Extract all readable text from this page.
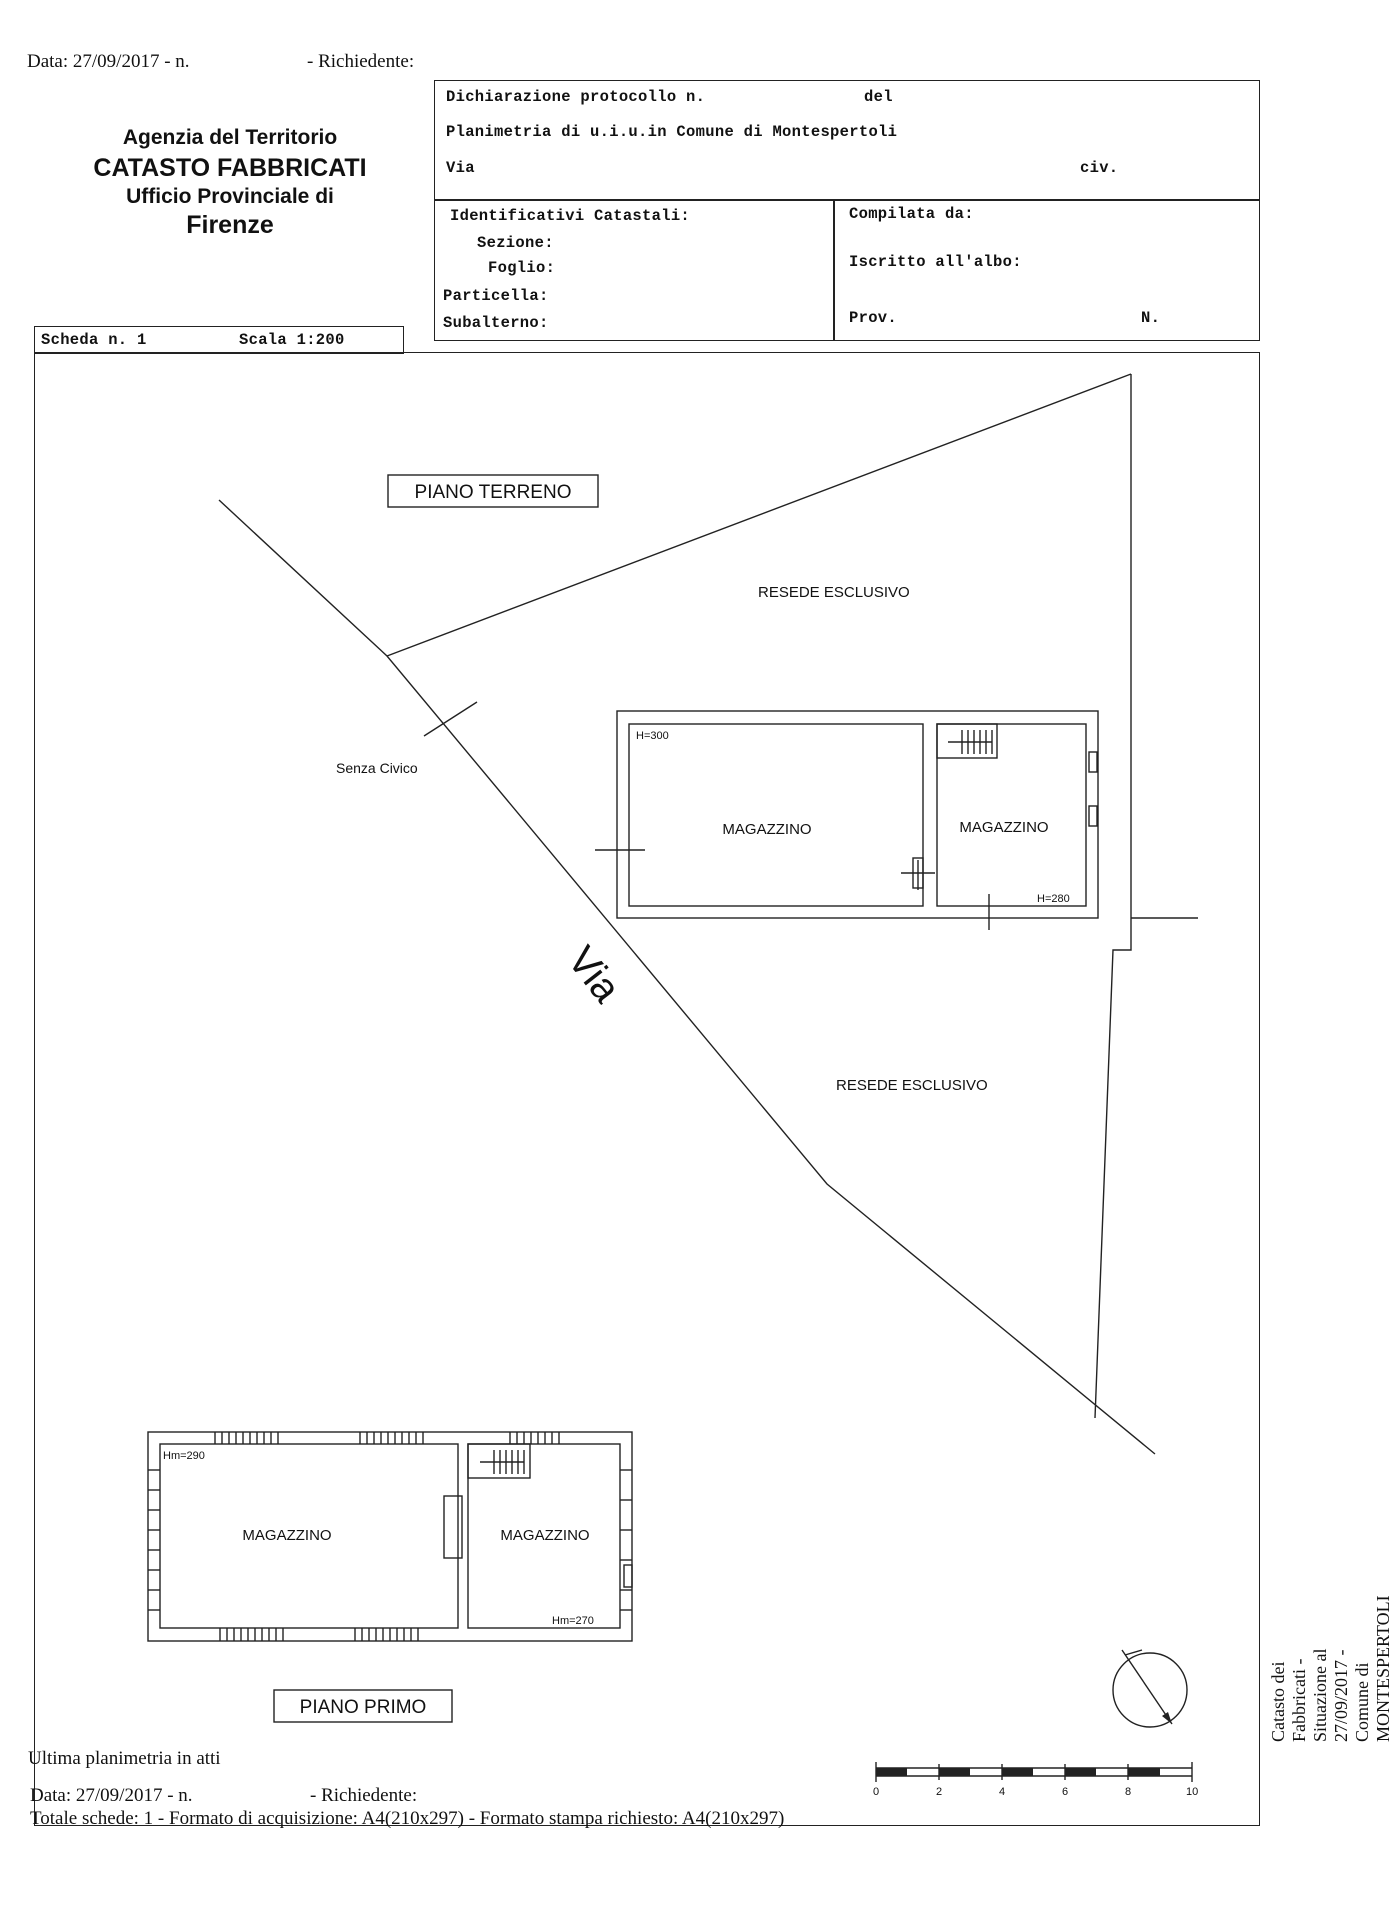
Data: 27/09/2017 - n.	- Richiedente:
Agenzia del Territorio
CATASTO FABBRICATI
Ufficio Provinciale di
Firenze
Dichiarazione protocollo n.	del
Planimetria di u.i.u.in Comune di Montespertoli
Via	civ.
Identificativi Catastali:
Sezione:
Foglio:
Particella:
Subalterno:
Compilata da:
Iscritto all'albo:
Prov.	N.
Scheda n. 1	Scala 1:200
PIANO TERRENO
RESEDE ESCLUSIVO
RESEDE ESCLUSIVO
Senza Civico
Via
MAGAZZINO	MAGAZZINO
H=300
H=280
MAGAZZINO	MAGAZZINO
Hm=290
Hm=270
PIANO PRIMO
0	2	4	6	8	10
Catasto dei Fabbricati - Situazione al 27/09/2017 - Comune di MONTESPERTOLI
Ultima planimetria in atti
Data: 27/09/2017 - n.	- Richiedente:
Totale schede: 1 - Formato di acquisizione: A4(210x297) - Formato stampa richiesto: A4(210x297)
